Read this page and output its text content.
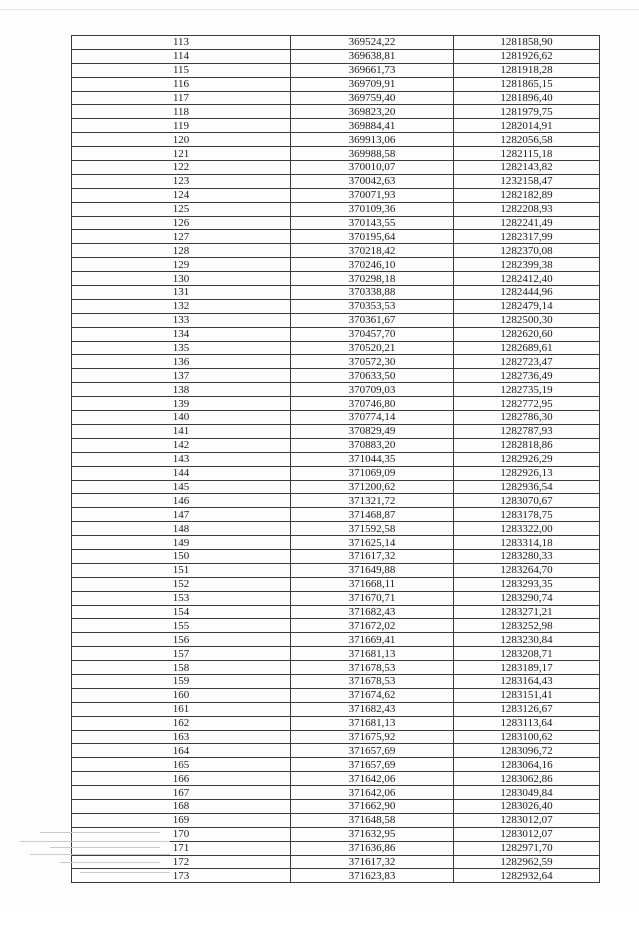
113	369524,22	1281858,90
114	369638,81	1281926,62
115	369661,73	1281918,28
116	369709,91	1281865,15
117	369759,40	1281896,40
118	369823,20	1281979,75
119	369884,41	1282014,91
120	369913,06	1282056,58
121	369988,58	1282115,18
122	370010,07	1282143,82
123	370042,63	1232158,47
124	370071,93	1282182,89
125	370109,36	1282208,93
126	370143,55	1282241,49
127	370195,64	1282317,99
128	370218,42	1282370,08
129	370246,10	1282399,38
130	370298,18	1282412,40
131	370338,88	1282444,96
132	370353,53	1282479,14
133	370361,67	1282500,30
134	370457,70	1282620,60
135	370520,21	1282689,61
136	370572,30	1282723,47
137	370633,50	1282736,49
138	370709,03	1282735,19
139	370746,80	1282772,95
140	370774,14	1282786,30
141	370829,49	1282787,93
142	370883,20	1282818,86
143	371044,35	1282926,29
144	371069,09	1282926,13
145	371200,62	1282936,54
146	371321,72	1283070,67
147	371468,87	1283178,75
148	371592,58	1283322,00
149	371625,14	1283314,18
150	371617,32	1283280,33
151	371649,88	1283264,70
152	371668,11	1283293,35
153	371670,71	1283290,74
154	371682,43	1283271,21
155	371672,02	1283252,98
156	371669,41	1283230,84
157	371681,13	1283208,71
158	371678,53	1283189,17
159	371678,53	1283164,43
160	371674,62	1283151,41
161	371682,43	1283126,67
162	371681,13	1283113,64
163	371675,92	1283100,62
164	371657,69	1283096,72
165	371657,69	1283064,16
166	371642,06	1283062,86
167	371642,06	1283049,84
168	371662,90	1283026,40
169	371648,58	1283012,07
170	371632,95	1283012,07
171	371636,86	1282971,70
172	371617,32	1282962,59
173	371623,83	1282932,64
